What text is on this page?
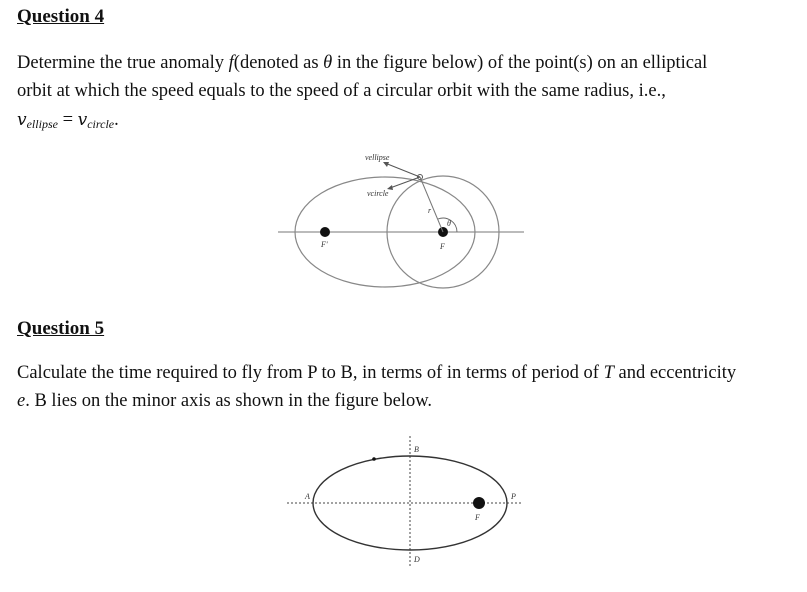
Question 4

Determine the true anomaly f(denoted as θ in the figure below) of the point(s) on an elliptical

orbit at which the speed equals to the speed of a circular orbit with the same radius, i.e.,

$v_{ellipse} = v_{circle}$.

vellipse
vcircle
r
θ
F'	F
Question 5

Calculate the time required to fly from P to B, in terms of in terms of period of T and eccentricity

e. B lies on the minor axis as shown in the figure below.

A
B
D
P
F
